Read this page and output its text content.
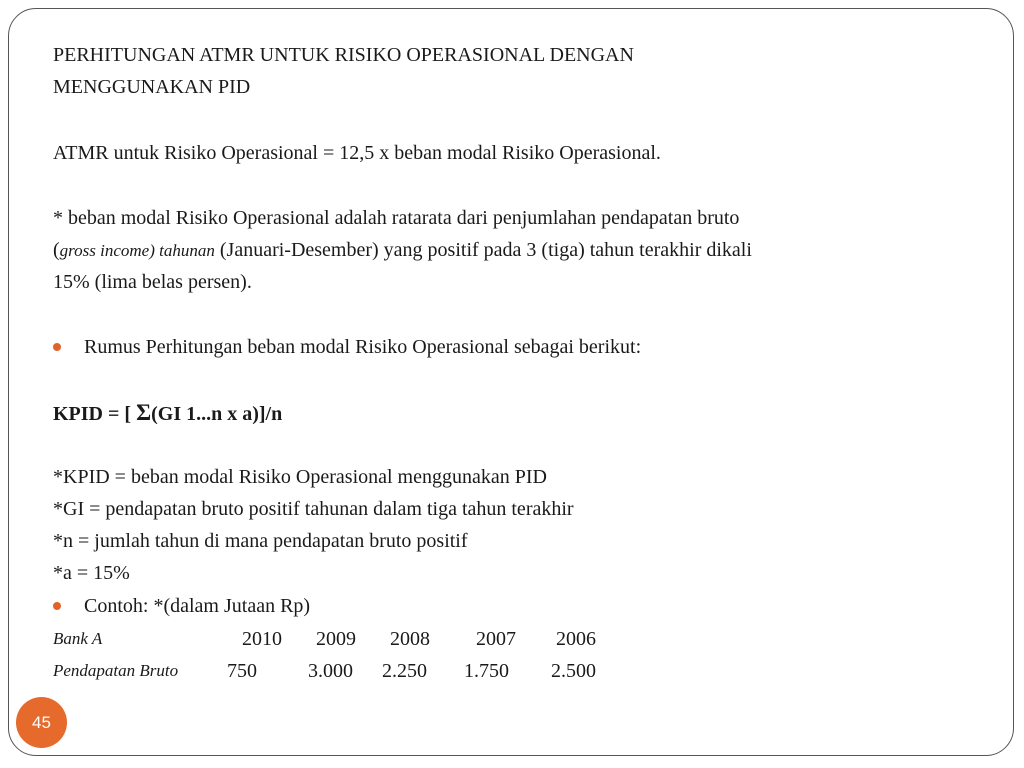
PERHITUNGAN ATMR UNTUK RISIKO OPERASIONAL DENGAN
MENGGUNAKAN PID
ATMR untuk Risiko Operasional = 12,5 x beban modal Risiko Operasional.
* beban modal Risiko Operasional adalah ratarata dari penjumlahan pendapatan bruto
(gross income) tahunan (Januari-Desember) yang positif pada 3 (tiga) tahun terakhir dikali
15% (lima belas persen).
Rumus Perhitungan beban modal Risiko Operasional sebagai berikut:
KPID = [ Σ(GI 1...n x a)]/n
*KPID = beban modal Risiko Operasional menggunakan PID
*GI = pendapatan bruto positif tahunan dalam tiga tahun terakhir
*n = jumlah tahun di mana pendapatan bruto positif
*a = 15%
Contoh: *(dalam Jutaan Rp)
Bank A	2010 2009 2008 2007 2006
Pendapatan Bruto 750	3.000 2.250 1.750 2.500
45
